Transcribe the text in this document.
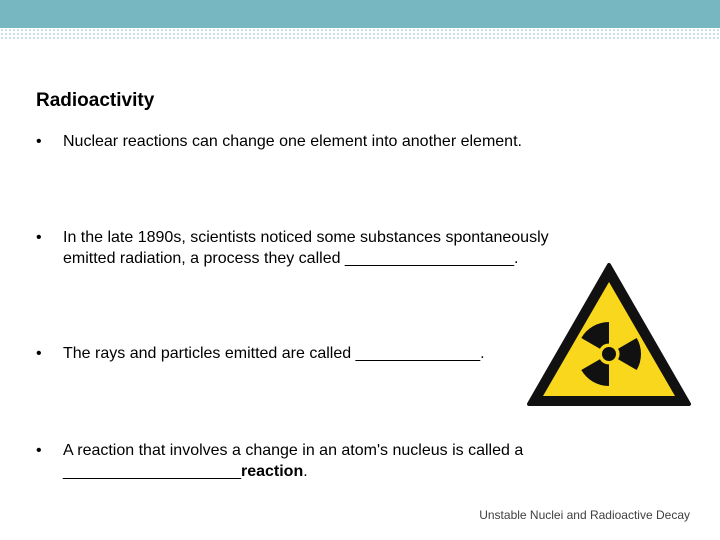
Radioactivity
•	Nuclear reactions can change one element into another element.
•	In the late 1890s, scientists noticed some substances spontaneously
emitted radiation, a process they called ___________________.
•	The rays and particles emitted are called ______________.
•	A reaction that involves a change in an atom's nucleus is called a
____________________reaction.
Unstable Nuclei and Radioactive Decay
